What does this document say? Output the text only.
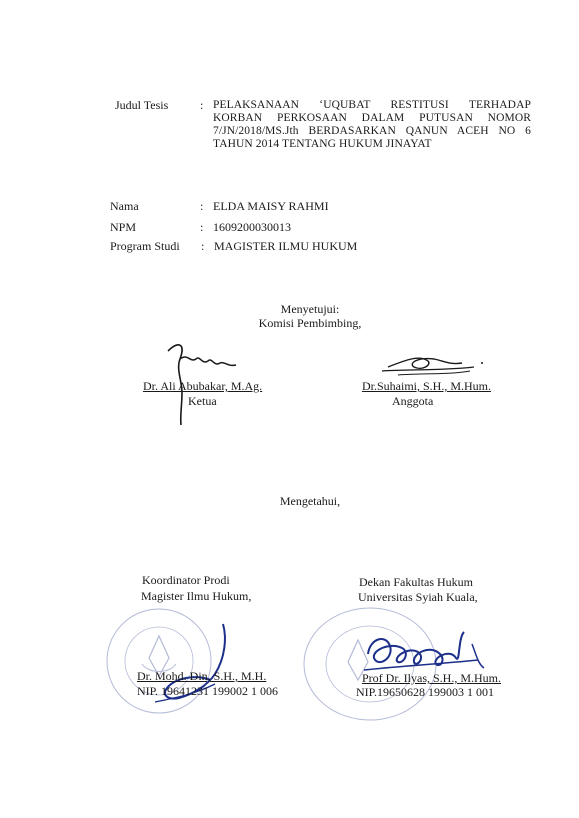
Judul Tesis	: PELAKSANAAN ‘UQUBAT RESTITUSI TERHADAP
KORBAN PERKOSAAN DALAM PUTUSAN NOMOR
7/JN/2018/MS.Jth BERDASARKAN QANUN ACEH NO 6
TAHUN 2014 TENTANG HUKUM JINAYAT
Nama	: ELDA MAISY RAHMI
NPM	: 1609200030013
Program Studi : MAGISTER ILMU HUKUM
Menyetujui:
Komisi Pembimbing,
Dr. Ali Abubakar, M.Ag.
Ketua
Dr.Suhaimi, S.H., M.Hum.
Anggota
Mengetahui,
Koordinator Prodi
Magister Ilmu Hukum,
Dekan Fakultas Hukum
Universitas Syiah Kuala,
Dr. Mohd. Din, S.H., M.H.
NIP. 19641231 199002 1 006
Prof Dr. Ilyas, S.H., M.Hum.
NIP.19650628 199003 1 001
